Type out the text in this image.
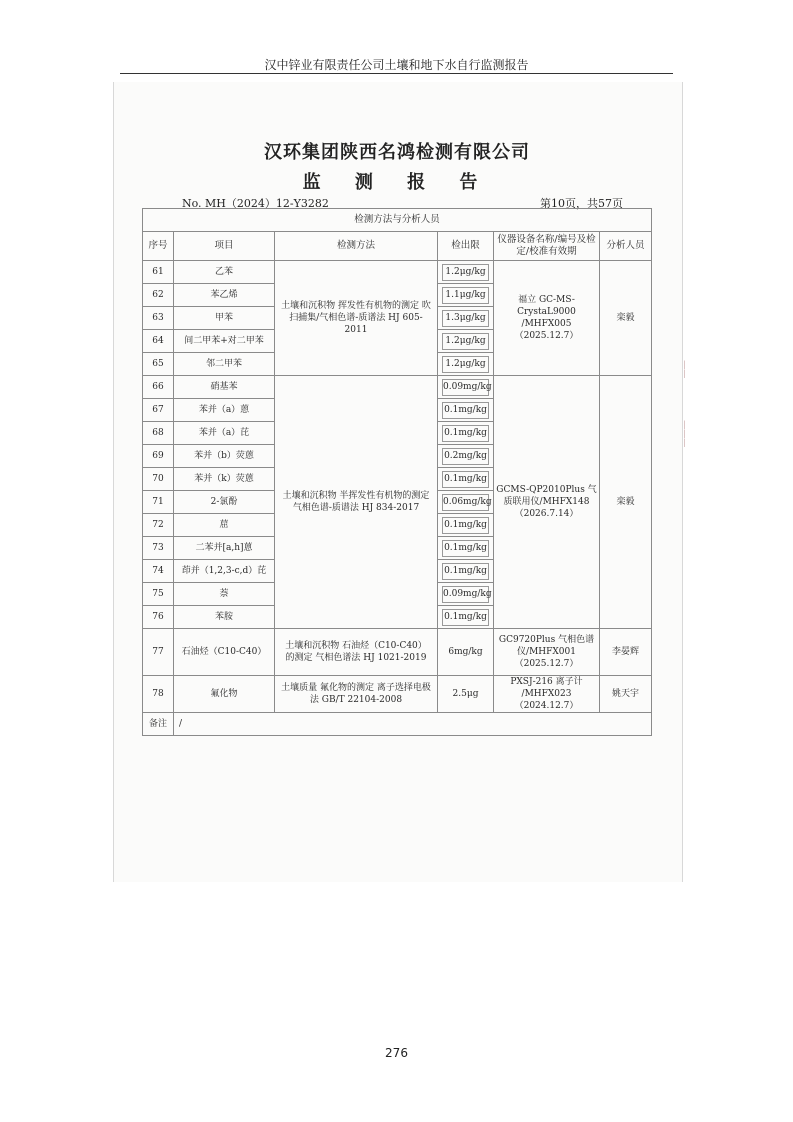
汉中锌业有限责任公司土壤和地下水自行监测报告
汉环集团陕西名鸿检测有限公司
监 测 报 告
No. MH（2024）12-Y3282	第10页，共57页
|
|
|
|
|
检测方法与分析人员					
序号	项目	检测方法	检出限	仪器设备名称/编号及检定/校准有效期	分析人员
61	乙苯	土壤和沉积物 挥发性有机物的测定 吹扫捕集/气相色谱-质谱法 HJ 605-2011	1.2μg/kg	福立 GC-MS-CrystaL9000 /MHFX005（2025.12.7）	栾毅
62	苯乙烯		1.1μg/kg		

63	甲苯		1.3μg/kg		

64	间二甲苯+对二甲苯		1.2μg/kg		

65	邻二甲苯		1.2μg/kg		

66	硝基苯	土壤和沉积物 半挥发性有机物的测定 气相色谱-质谱法 HJ 834-2017	0.09mg/kg	GCMS-QP2010Plus 气质联用仪/MHFX148 （2026.7.14）	栾毅
67	苯并（a）蒽		0.1mg/kg		

68	苯并（a）芘		0.1mg/kg		

69	苯并（b）荧蒽		0.2mg/kg		

70	苯并（k）荧蒽		0.1mg/kg		

71	2-氯酚		0.06mg/kg		

72	䓛		0.1mg/kg		

73	二苯并[a,h]蒽		0.1mg/kg		

74	茚并（1,2,3-c,d）芘		0.1mg/kg		

75	萘		0.09mg/kg		

76	苯胺		0.1mg/kg		

77	石油烃（C10-C40）	土壤和沉积物 石油烃（C10-C40）的测定 气相色谱法 HJ 1021-2019	6mg/kg	GC9720Plus 气相色谱仪/MHFX001 （2025.12.7）	李晏辉
78	氟化物	土壤质量 氟化物的测定 离子选择电极法 GB/T 22104-2008	2.5μg	PXSJ-216 离子计 /MHFX023（2024.12.7）	姚天宇
备注	/				
276
